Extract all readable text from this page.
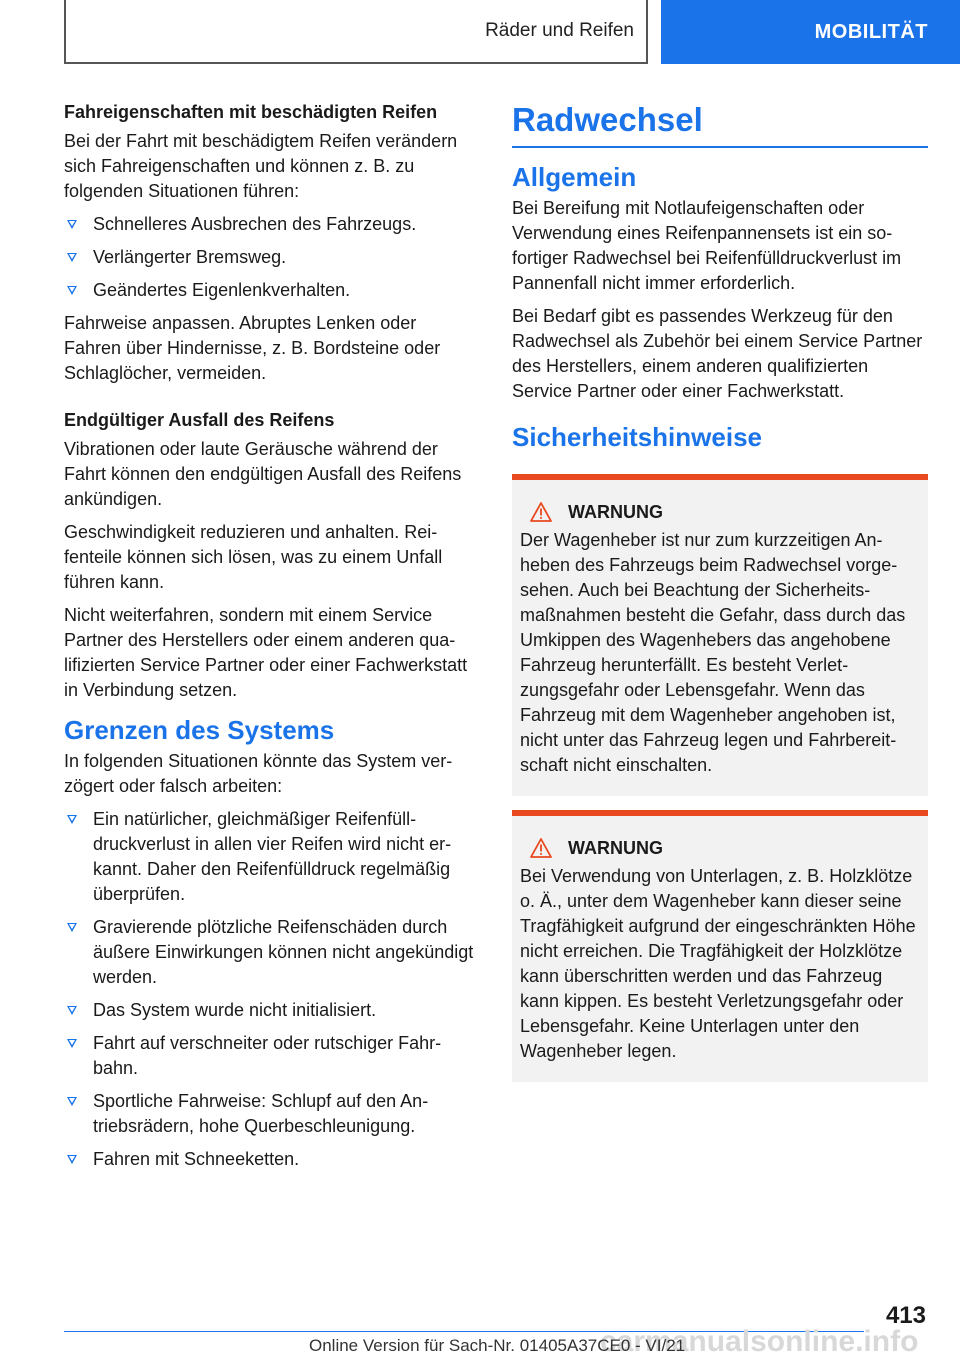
Räder und Reifen	MOBILITÄT
Fahreigenschaften mit beschädigten Reifen

Bei der Fahrt mit beschädigtem Reifen verändern sich Fahreigenschaften und können z. B. zu folgenden Situationen führen:

Schnelleres Ausbrechen des Fahrzeugs.
Verlängerter Bremsweg.
Geändertes Eigenlenkverhalten.

Fahrweise anpassen. Abruptes Lenken oder Fahren über Hindernisse, z. B. Bordsteine oder Schlaglöcher, vermeiden.

Endgültiger Ausfall des Reifens

Vibrationen oder laute Geräusche während der Fahrt können den endgültigen Ausfall des Reifens ankündigen.

Geschwindigkeit reduzieren und anhalten. Reifenteile können sich lösen, was zu einem Unfall führen kann.

Nicht weiterfahren, sondern mit einem Service Partner des Herstellers oder einem anderen qualifizierten Service Partner oder einer Fachwerkstatt in Verbindung setzen.

Grenzen des Systems

In folgenden Situationen könnte das System verzögert oder falsch arbeiten:

Ein natürlicher, gleichmäßiger Reifenfülldruckverlust in allen vier Reifen wird nicht erkannt. Daher den Reifenfülldruck regelmäßig überprüfen.
Gravierende plötzliche Reifenschäden durch äußere Einwirkungen können nicht angekündigt werden.
Das System wurde nicht initialisiert.
Fahrt auf verschneiter oder rutschiger Fahrbahn.
Sportliche Fahrweise: Schlupf auf den Antriebsrädern, hohe Querbeschleunigung.
Fahren mit Schneeketten.
Radwechsel
Allgemein

Bei Bereifung mit Notlaufeigenschaften oder Verwendung eines Reifenpannensets ist ein sofortiger Radwechsel bei Reifenfülldruckverlust im Pannenfall nicht immer erforderlich.

Bei Bedarf gibt es passendes Werkzeug für den Radwechsel als Zubehör bei einem Service Partner des Herstellers, einem anderen qualifizierten Service Partner oder einer Fachwerkstatt.

Sicherheitshinweise
WARNUNG

Der Wagenheber ist nur zum kurzzeitigen Anheben des Fahrzeugs beim Radwechsel vorgesehen. Auch bei Beachtung der Sicherheitsmaßnahmen besteht die Gefahr, dass durch das Umkippen des Wagenhebers das angehobene Fahrzeug herunterfällt. Es besteht Verletzungsgefahr oder Lebensgefahr. Wenn das Fahrzeug mit dem Wagenheber angehoben ist, nicht unter das Fahrzeug legen und Fahrbereitschaft nicht einschalten.

WARNUNG

Bei Verwendung von Unterlagen, z. B. Holzklötze o. Ä., unter dem Wagenheber kann dieser seine Tragfähigkeit aufgrund der eingeschränkten Höhe nicht erreichen. Die Tragfähigkeit der Holzklötze kann überschritten werden und das Fahrzeug kann kippen. Es besteht Verletzungsgefahr oder Lebensgefahr. Keine Unterlagen unter den Wagenheber legen.

413
carmanualsonline.info
Online Version für Sach-Nr. 01405A37CE0 - VI/21
